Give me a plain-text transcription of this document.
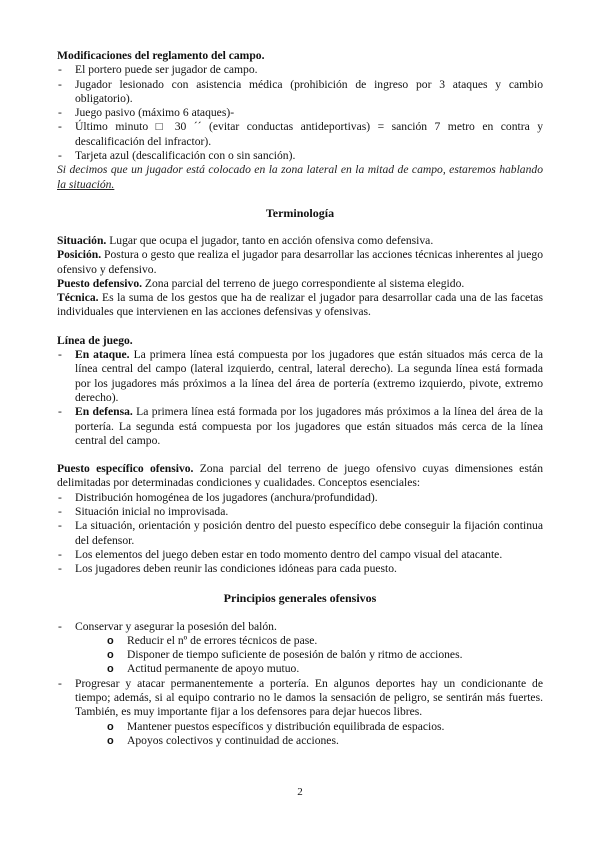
Modificaciones del reglamento del campo.

- El portero puede ser jugador de campo.
- Jugador lesionado con asistencia médica (prohibición de ingreso por 3 ataques y cambio obligatorio).
- Juego pasivo (máximo 6 ataques)-
- Último minuto □ 30 ´´ (evitar conductas antideportivas) = sanción 7 metro en contra y descalificación del infractor).
- Tarjeta azul (descalificación con o sin sanción).

Si decimos que un jugador está colocado en la zona lateral en la mitad de campo, estaremos hablando la situación.

Terminología

Situación. Lugar que ocupa el jugador, tanto en acción ofensiva como defensiva.

Posición. Postura o gesto que realiza el jugador para desarrollar las acciones técnicas inherentes al juego ofensivo y defensivo.

Puesto defensivo. Zona parcial del terreno de juego correspondiente al sistema elegido.

Técnica. Es la suma de los gestos que ha de realizar el jugador para desarrollar cada una de las facetas individuales que intervienen en las acciones defensivas y ofensivas.

Línea de juego.

- En ataque. La primera línea está compuesta por los jugadores que están situados más cerca de la línea central del campo (lateral izquierdo, central, lateral derecho). La segunda línea está formada por los jugadores más próximos a la línea del área de portería (extremo izquierdo, pivote, extremo derecho).
- En defensa. La primera línea está formada por los jugadores más próximos a la línea del área de la portería. La segunda está compuesta por los jugadores que están situados más cerca de la línea central del campo.

Puesto específico ofensivo. Zona parcial del terreno de juego ofensivo cuyas dimensiones están delimitadas por determinadas condiciones y cualidades. Conceptos esenciales:

- Distribución homogénea de los jugadores (anchura/profundidad).
- Situación inicial no improvisada.
- La situación, orientación y posición dentro del puesto específico debe conseguir la fijación continua del defensor.
- Los elementos del juego deben estar en todo momento dentro del campo visual del atacante.
- Los jugadores deben reunir las condiciones idóneas para cada puesto.
Principios generales ofensivos
- Conservar y asegurar la posesión del balón.
o Reducir el nº de errores técnicos de pase.
o Disponer de tiempo suficiente de posesión de balón y ritmo de acciones.
o Actitud permanente de apoyo mutuo.
- Progresar y atacar permanentemente a portería. En algunos deportes hay un condicionante de tiempo; además, si al equipo contrario no le damos la sensación de peligro, se sentirán más fuertes. También, es muy importante fijar a los defensores para dejar huecos libres.
o Mantener puestos específicos y distribución equilibrada de espacios.
o Apoyos colectivos y continuidad de acciones.
2
